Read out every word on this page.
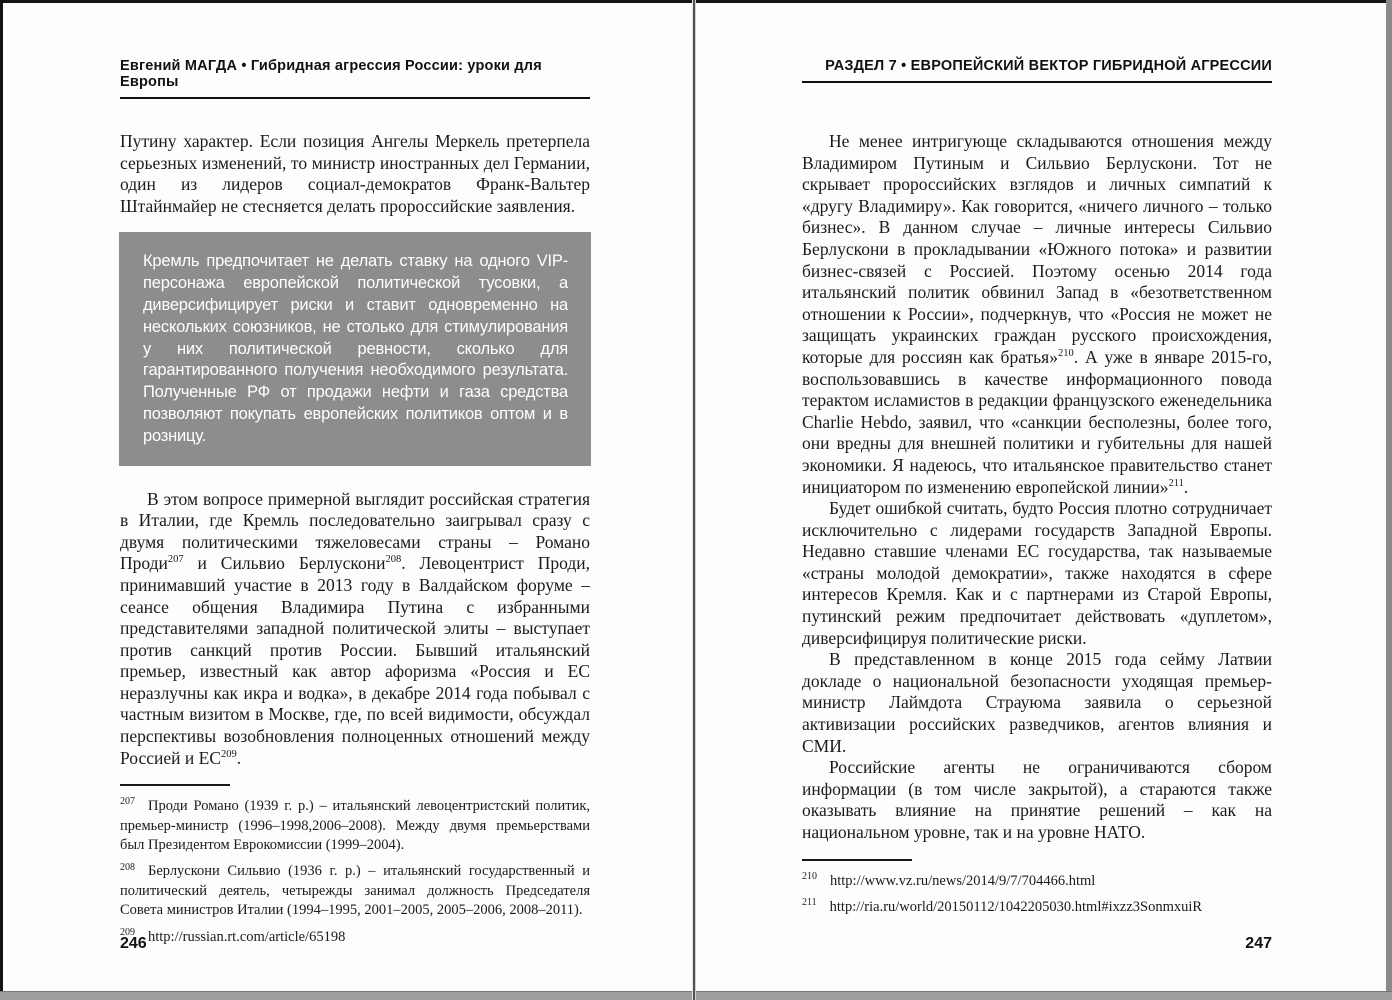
Евгений МАГДА • Гибридная агрессия России: уроки для Европы

Путину характер. Если позиция Ангелы Меркель претерпела серьезных изменений, то министр иностранных дел Германии, один из лидеров социал-демократов Франк-Вальтер Штайнмайер не стесняется делать пророссийские заявления.

Кремль предпочитает не делать ставку на одного VIP-персонажа европейской политической тусовки, а диверсифицирует риски и ставит одновременно на нескольких союзников, не столько для стимулирования у них политической ревности, сколько для гарантированного получения необходимого результата. Полученные РФ от продажи нефти и газа средства позволяют покупать европейских политиков оптом и в розницу.

В этом вопросе примерной выглядит российская стратегия в Италии, где Кремль последовательно заигрывал сразу с двумя политическими тяжеловесами страны – Романо Проди$^{207}$ и Сильвио Берлускони$^{208}$. Левоцентрист Проди, принимавший участие в 2013 году в Валдайском форуме – сеансе общения Владимира Путина с избранными представителями западной политической элиты – выступает против санкций против России. Бывший итальянский премьер, известный как автор афоризма «Россия и ЕС неразлучны как икра и водка», в декабре 2014 года побывал с частным визитом в Москве, где, по всей видимости, обсуждал перспективы возобновления полноценных отношений между Россией и ЕС$^{209}$.

$^{207}$ Проди Романо (1939 г. р.) – итальянский левоцентристский политик, премьер-министр (1996–1998,2006–2008). Между двумя премьерствами был Президентом Еврокомиссии (1999–2004).

$^{208}$ Берлускони Сильвио (1936 г. р.) – итальянский государственный и политический деятель, четырежды занимал должность Председателя Совета министров Италии (1994–1995, 2001–2005, 2005–2006, 2008–2011).

$^{209}$ http://russian.rt.com/article/65198

246
РАЗДЕЛ 7 • ЕВРОПЕЙСКИЙ ВЕКТОР ГИБРИДНОЙ АГРЕССИИ

Не менее интригующе складываются отношения между Владимиром Путиным и Сильвио Берлускони. Тот не скрывает пророссийских взглядов и личных симпатий к «другу Владимиру». Как говорится, «ничего личного – только бизнес». В данном случае – личные интересы Сильвио Берлускони в прокладывании «Южного потока» и развитии бизнес-связей с Россией. Поэтому осенью 2014 года итальянский политик обвинил Запад в «безответственном отношении к России», подчеркнув, что «Россия не может не защищать украинских граждан русского происхождения, которые для россиян как братья»$^{210}$. А уже в январе 2015-го, воспользовавшись в качестве информационного повода терактом исламистов в редакции французского еженедельника Charlie Hebdo, заявил, что «санкции бесполезны, более того, они вредны для внешней политики и губительны для нашей экономики. Я надеюсь, что итальянское правительство станет инициатором по изменению европейской линии»$^{211}$.

Будет ошибкой считать, будто Россия плотно сотрудничает исключительно с лидерами государств Западной Европы. Недавно ставшие членами ЕС государства, так называемые «страны молодой демократии», также находятся в сфере интересов Кремля. Как и с партнерами из Старой Европы, путинский режим предпочитает действовать «дуплетом», диверсифицируя политические риски.

В представленном в конце 2015 года сейму Латвии докладе о национальной безопасности уходящая премьер-министр Лаймдота Страуюма заявила о серьезной активизации российских разведчиков, агентов влияния и СМИ.

Российские агенты не ограничиваются сбором информации (в том числе закрытой), а стараются также оказывать влияние на принятие решений – как на национальном уровне, так и на уровне НАТО.

$^{210}$ http://www.vz.ru/news/2014/9/7/704466.html

$^{211}$ http://ria.ru/world/20150112/1042205030.html#ixzz3SonmxuiR

247
